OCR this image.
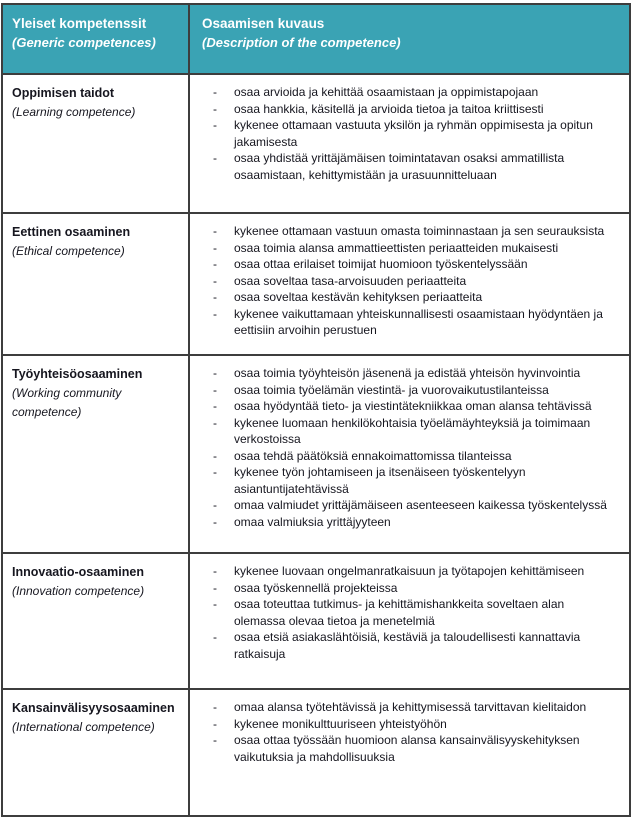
Yleiset kompetenssit
(Generic competences)
Osaamisen kuvaus
(Description of the competence)
Oppimisen taidot
(Learning competence)
-	osaa arvioida ja kehittää osaamistaan ja oppimistapojaan
-	osaa hankkia, käsitellä ja arvioida tietoa ja taitoa kriittisesti
-	kykenee ottamaan vastuuta yksilön ja ryhmän oppimisesta ja opitun jakamisesta
-	osaa yhdistää yrittäjämäisen toimintatavan osaksi ammatillista osaamistaan, kehittymistään ja urasuunnitteluaan
Eettinen osaaminen
(Ethical competence)
-	kykenee ottamaan vastuun omasta toiminnastaan ja sen seurauksista
-	osaa toimia alansa ammattieettisten periaatteiden mukaisesti
-	osaa ottaa erilaiset toimijat huomioon työskentelyssään
-	osaa soveltaa tasa-arvoisuuden periaatteita
-	osaa soveltaa kestävän kehityksen periaatteita
-	kykenee vaikuttamaan yhteiskunnallisesti osaamistaan hyödyntäen ja eettisiin arvoihin perustuen
Työyhteisöosaaminen
(Working community competence)
-	osaa toimia työyhteisön jäsenenä ja edistää yhteisön hyvinvointia
-	osaa toimia työelämän viestintä- ja vuorovaikutustilanteissa
-	osaa hyödyntää tieto- ja viestintätekniikkaa oman alansa tehtävissä
-	kykenee luomaan henkilökohtaisia työelämäyhteyksiä ja toimimaan verkostoissa
-	osaa tehdä päätöksiä ennakoimattomissa tilanteissa
-	kykenee työn johtamiseen ja itsenäiseen työskentelyyn asiantuntijatehtävissä
-	omaa valmiudet yrittäjämäiseen asenteeseen kaikessa työskentelyssä
-	omaa valmiuksia yrittäjyyteen
Innovaatio-osaaminen
(Innovation competence)
-	kykenee luovaan ongelmanratkaisuun ja työtapojen kehittämiseen
-	osaa työskennellä projekteissa
-	osaa toteuttaa tutkimus- ja kehittämishankkeita soveltaen alan olemassa olevaa tietoa ja menetelmiä
-	osaa etsiä asiakaslähtöisiä, kestäviä ja taloudellisesti kannattavia ratkaisuja
Kansainvälisyysosaaminen
(International competence)
-	omaa alansa työtehtävissä ja kehittymisessä tarvittavan kielitaidon
-	kykenee monikulttuuriseen yhteistyöhön
-	osaa ottaa työssään huomioon alansa kansainvälisyyskehityksen vaikutuksia ja mahdollisuuksia
